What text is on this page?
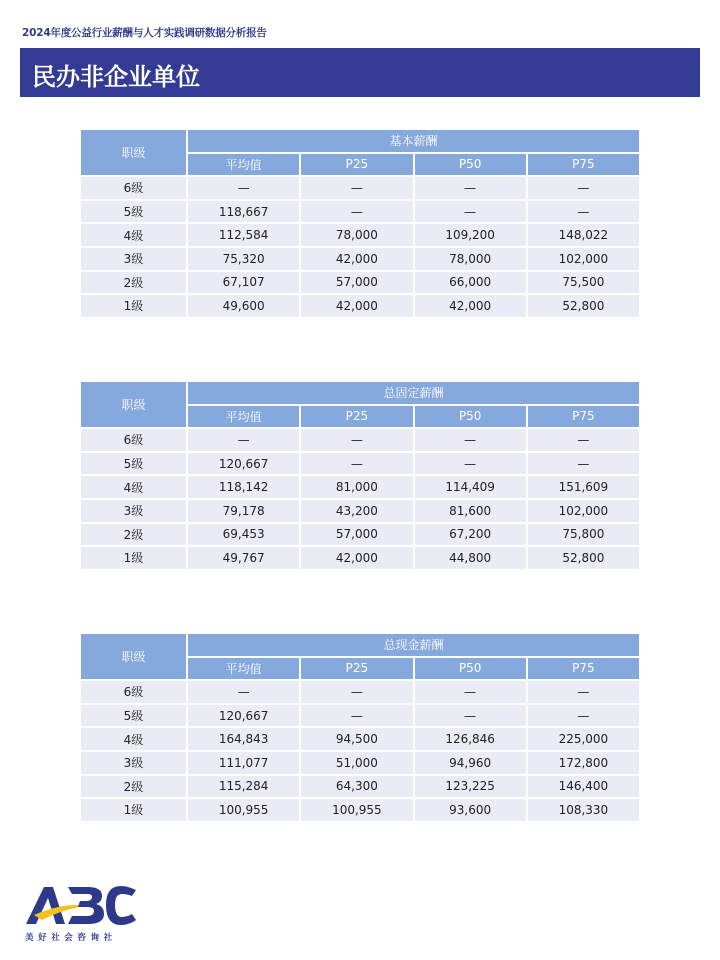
2024年度公益行业薪酬与人才实践调研数据分析报告
民办非企业单位
职级	基本薪酬			
	平均值	P25	P50	P75
6级	—	—	—	—
5级	118,667	—	—	—
4级	112,584	78,000	109,200	148,022
3级	75,320	42,000	78,000	102,000
2级	67,107	57,000	66,000	75,500
1级	49,600	42,000	42,000	52,800
职级	总固定薪酬			
	平均值	P25	P50	P75
6级	—	—	—	—
5级	120,667	—	—	—
4级	118,142	81,000	114,409	151,609
3级	79,178	43,200	81,600	102,000
2级	69,453	57,000	67,200	75,800
1级	49,767	42,000	44,800	52,800
职级	总现金薪酬			
	平均值	P25	P50	P75
6级	—	—	—	—
5级	120,667	—	—	—
4级	164,843	94,500	126,846	225,000
3级	111,077	51,000	94,960	172,800
2级	115,284	64,300	123,225	146,400
1级	100,955	100,955	93,600	108,330
美好社会咨询社
